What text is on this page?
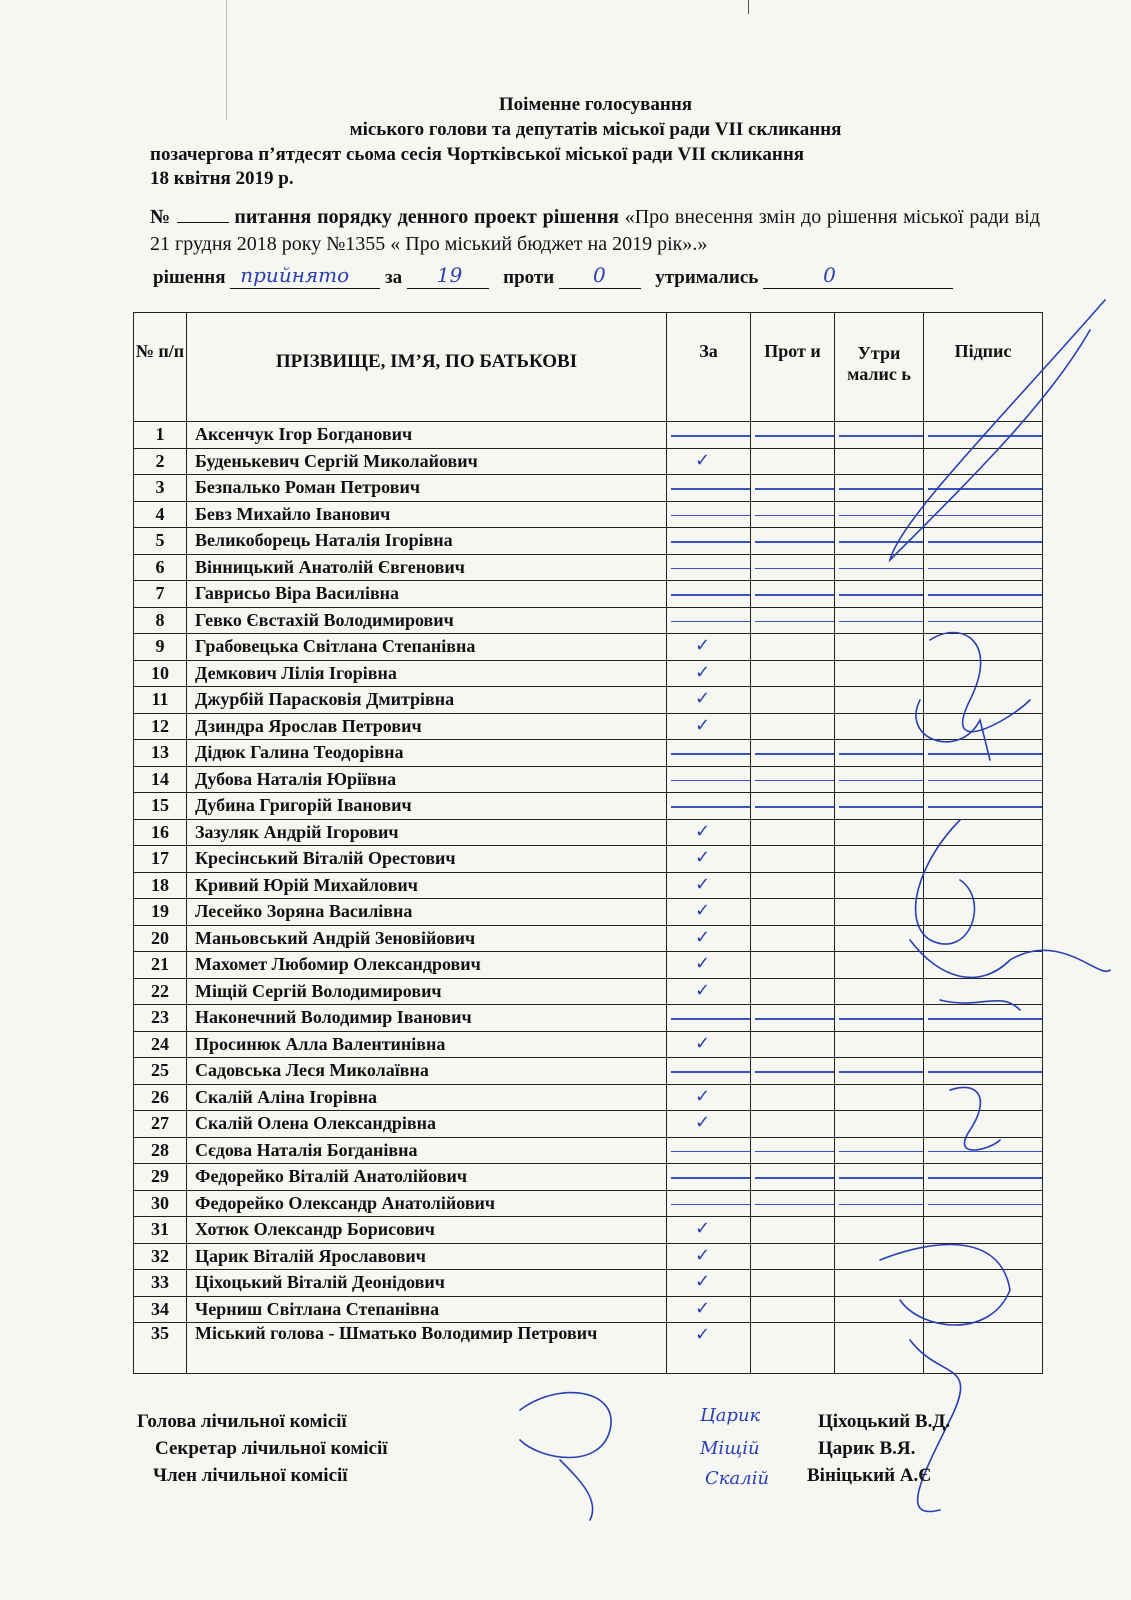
Поіменне голосування
міського голови та депутатів міської ради VII скликання
позачергова п’ятдесят сьома сесія Чортківської міської ради VII скликання
18 квітня 2019 р.
№	питання порядку денного проект рішення «Про внесення змін до рішення міської ради від 21 грудня 2018 року №1355 « Про міський бюджет на 2019 рік».»
рішення прийнято за 19 проти 0	утримались	0
№ п/п	ПРІЗВИЩЕ, ІМ’Я, ПО БАТЬКОВІ	За	Прот и	Утри малис ь	Підпис

1	Аксенчук Ігор Богданович	

2	Буденькевич Сергій Миколайович	✓			

3	Безпалько Роман Петрович	

4	Бевз Михайло Іванович	

5	Великоборець Наталія Ігорівна	

6	Вінницький Анатолій Євгенович	

7	Гаврисьо Віра Василівна	

8	Гевко Євстахій Володимирович	

9	Грабовецька Світлана Степанівна	✓			

10	Демкович Лілія Ігорівна	✓			

11	Джурбій Парасковія Дмитрівна	✓			

12	Дзиндра Ярослав Петрович	✓			

13	Дідюк Галина Теодорівна	

14	Дубова Наталія Юріївна	

15	Дубина Григорій Іванович	

16	Зазуляк Андрій Ігорович	✓			

17	Кресінський Віталій Орестович	✓			

18	Кривий Юрій Михайлович	✓			

19	Лесейко Зоряна Василівна	✓			

20	Маньовський Андрій Зеновійович	✓			

21	Махомет Любомир Олександрович	✓			

22	Міщій Сергій Володимирович	✓			

23	Наконечний Володимир Іванович	

24	Просинюк Алла Валентинівна	✓			

25	Садовська Леся Миколаївна	

26	Скалій Аліна Ігорівна	✓			

27	Скалій Олена Олександрівна	✓			

28	Сєдова Наталія Богданівна	

29	Федорейко Віталій Анатолійович	

30	Федорейко Олександр Анатолійович	

31	Хотюк Олександр Борисович	✓			

32	Царик Віталій Ярославович	✓			

33	Ціхоцький Віталій Деонідович	✓			

34	Черниш Світлана Степанівна	✓			

35	Міський голова - Шматько Володимир Петрович	✓			

Голова лічильної комісії
Секретар лічильної комісії
Член лічильної комісії
Царик
Міщій
Скалій
Ціхоцький В.Д.
Царик В.Я.
Вініцький А.Є
